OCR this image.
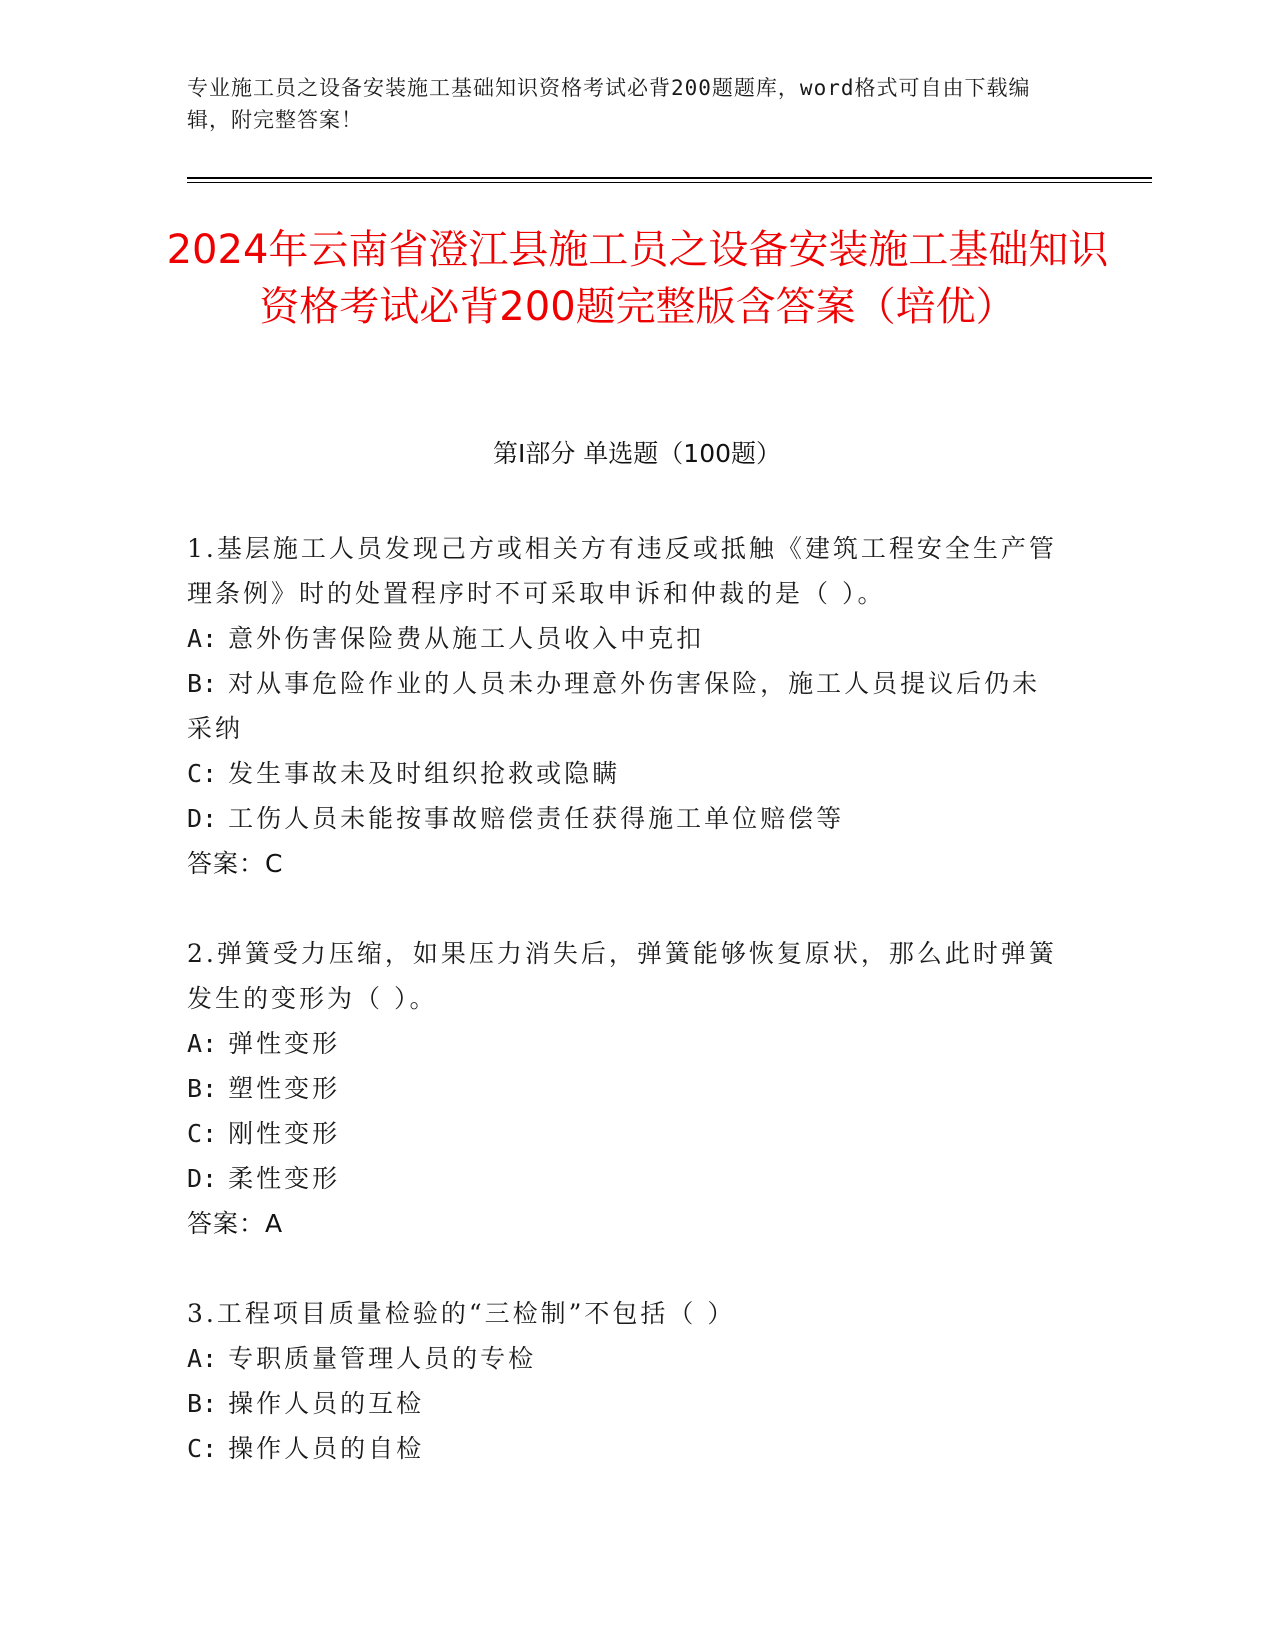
专业施工员之设备安装施工基础知识资格考试必背200题题库，word格式可自由下载编辑，附完整答案！
2024年云南省澄江县施工员之设备安装施工基础知识资格考试必背200题完整版含答案（培优）
第Ⅰ部分 单选题（100题）
1.基层施工人员发现己方或相关方有违反或抵触《建筑工程安全生产管理条例》时的处置程序时不可采取申诉和仲裁的是（ ）。
A: 意外伤害保险费从施工人员收入中克扣
B: 对从事危险作业的人员未办理意外伤害保险，施工人员提议后仍未采纳
C: 发生事故未及时组织抢救或隐瞒
D: 工伤人员未能按事故赔偿责任获得施工单位赔偿等
答案：C
2.弹簧受力压缩，如果压力消失后，弹簧能够恢复原状，那么此时弹簧发生的变形为（ ）。
A: 弹性变形
B: 塑性变形
C: 刚性变形
D: 柔性变形
答案：A
3.工程项目质量检验的“三检制”不包括（ ）
A: 专职质量管理人员的专检
B: 操作人员的互检
C: 操作人员的自检
